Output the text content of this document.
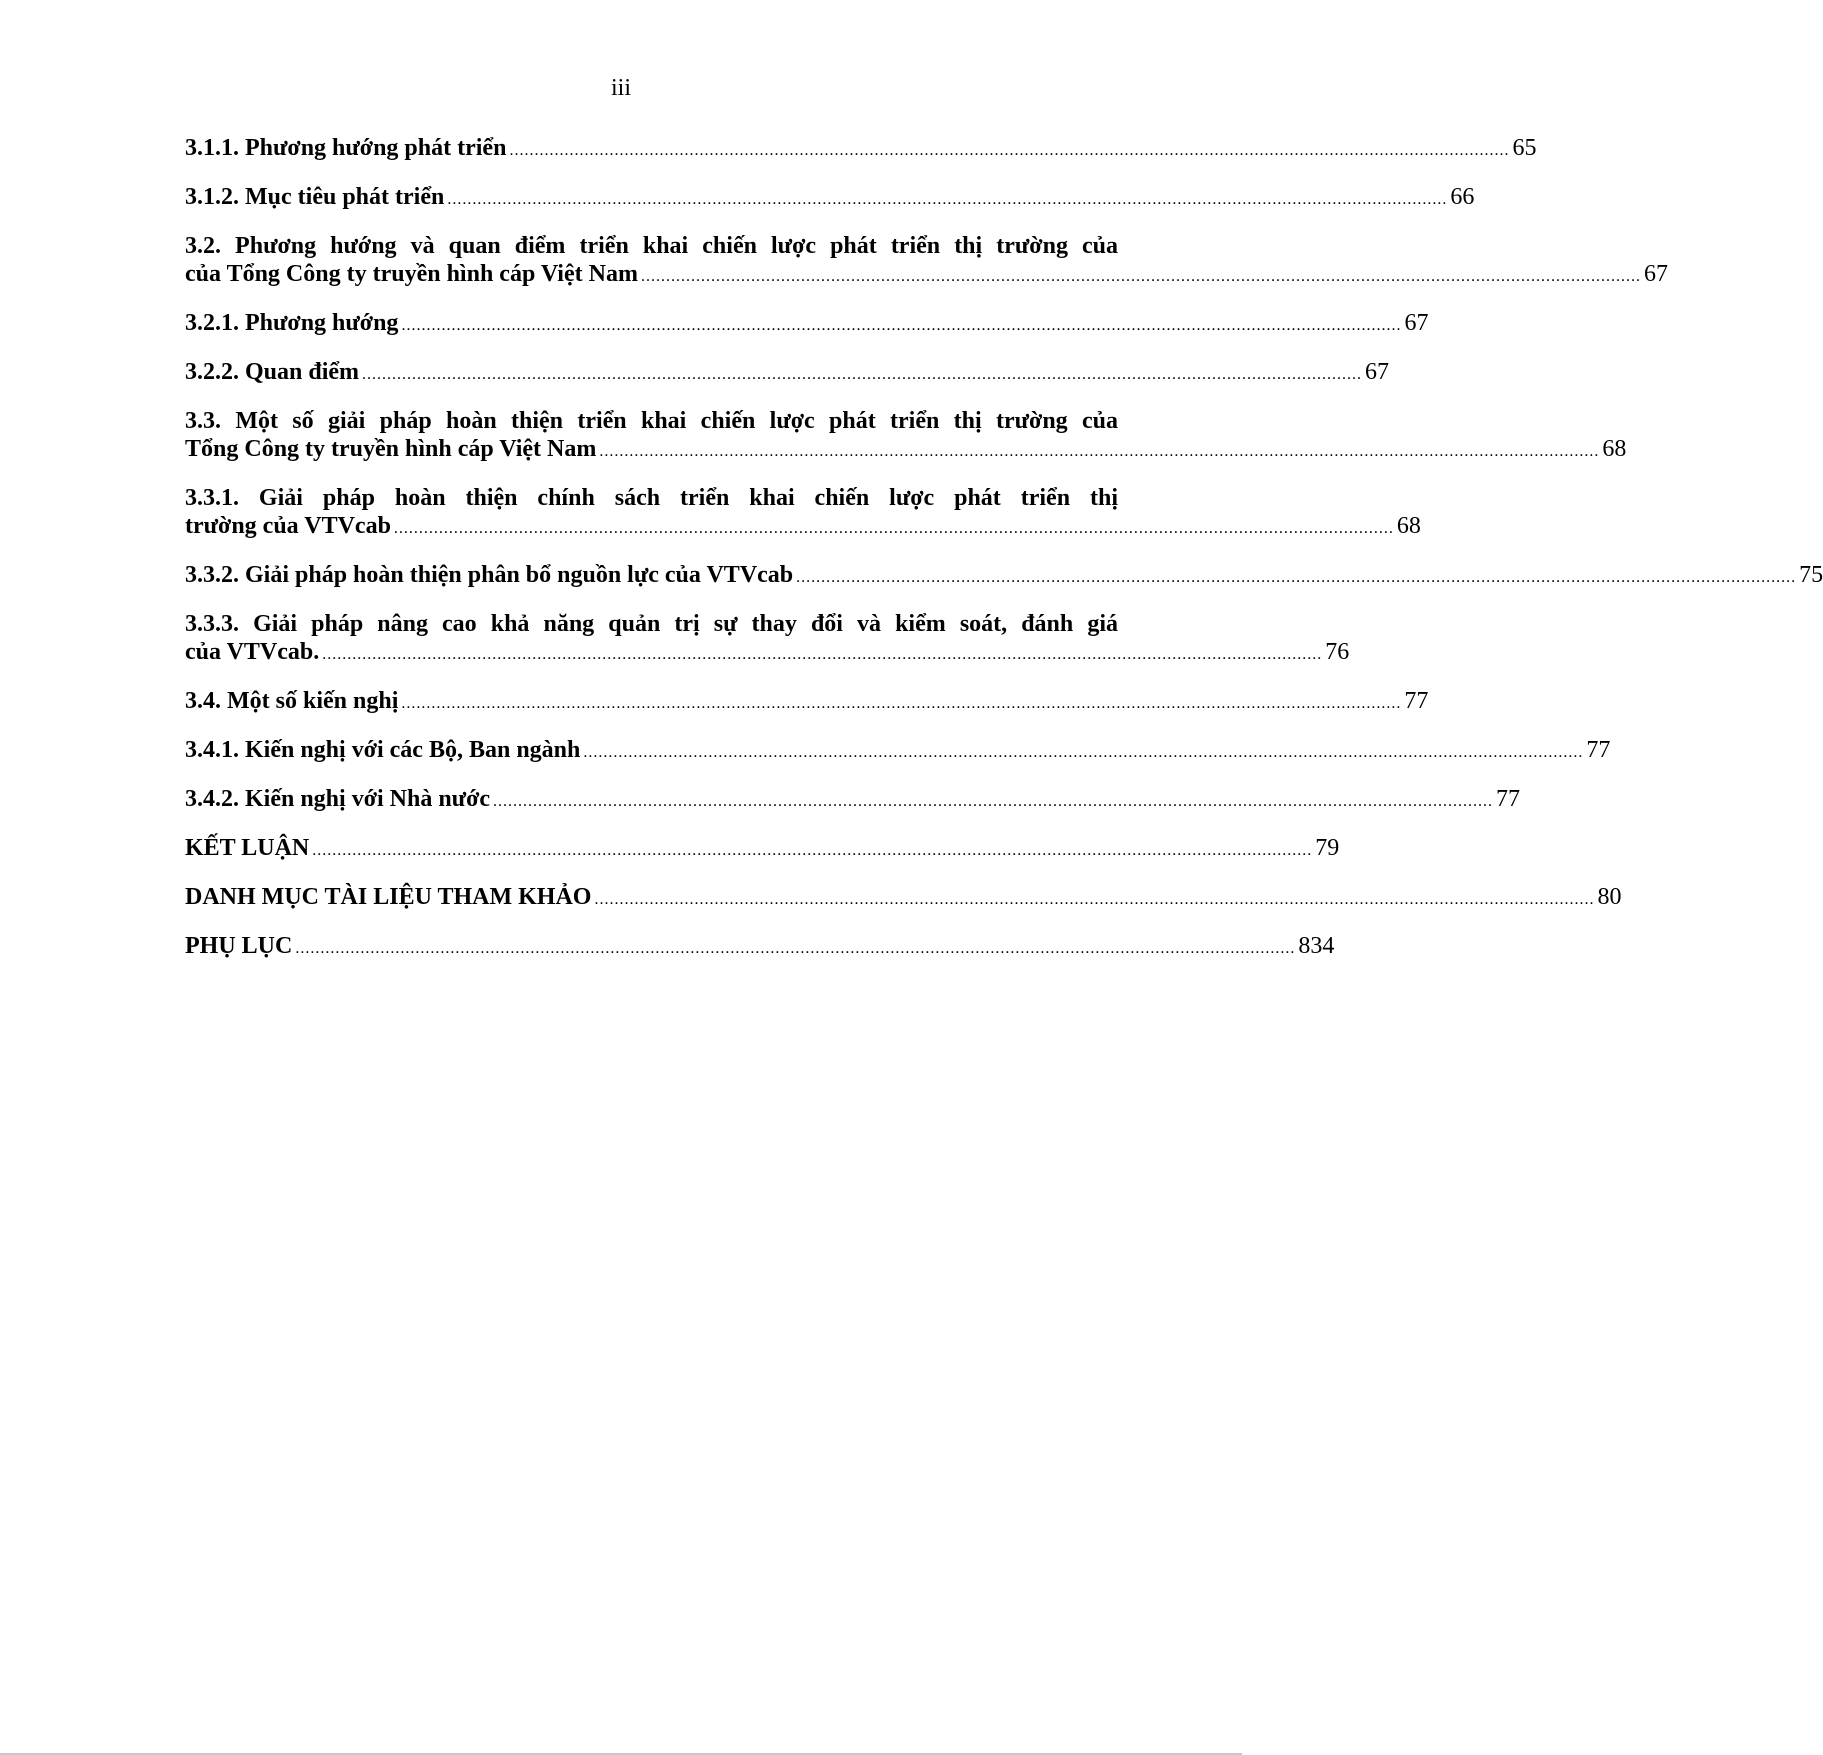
iii
3.1.1. Phương hướng phát triển ........................................................................................................................................................................................................ 65
3.1.2. Mục tiêu phát triển ........................................................................................................................................................................................................ 66
3.2. Phương hướng và quan điểm triển khai chiến lược phát triển thị trường của
của Tổng Công ty truyền hình cáp Việt Nam ........................................................................................................................................................................................................ 67
3.2.1. Phương hướng ........................................................................................................................................................................................................ 67
3.2.2. Quan điểm ........................................................................................................................................................................................................ 67
3.3. Một số giải pháp hoàn thiện triển khai chiến lược phát triển thị trường của
Tổng Công ty truyền hình cáp Việt Nam ........................................................................................................................................................................................................ 68
3.3.1. Giải pháp hoàn thiện chính sách triển khai chiến lược phát triển thị
trường của VTVcab ........................................................................................................................................................................................................ 68
3.3.2. Giải pháp hoàn thiện phân bổ nguồn lực của VTVcab ........................................................................................................................................................................................................ 75
3.3.3. Giải pháp nâng cao khả năng quản trị sự thay đổi và kiểm soát, đánh giá
của VTVcab. ........................................................................................................................................................................................................ 76
3.4. Một số kiến nghị ........................................................................................................................................................................................................ 77
3.4.1. Kiến nghị với các Bộ, Ban ngành ........................................................................................................................................................................................................ 77
3.4.2. Kiến nghị với Nhà nước ........................................................................................................................................................................................................ 77
KẾT LUẬN ........................................................................................................................................................................................................ 79
DANH MỤC TÀI LIỆU THAM KHẢO ........................................................................................................................................................................................................ 80
PHỤ LỤC ........................................................................................................................................................................................................ 834
